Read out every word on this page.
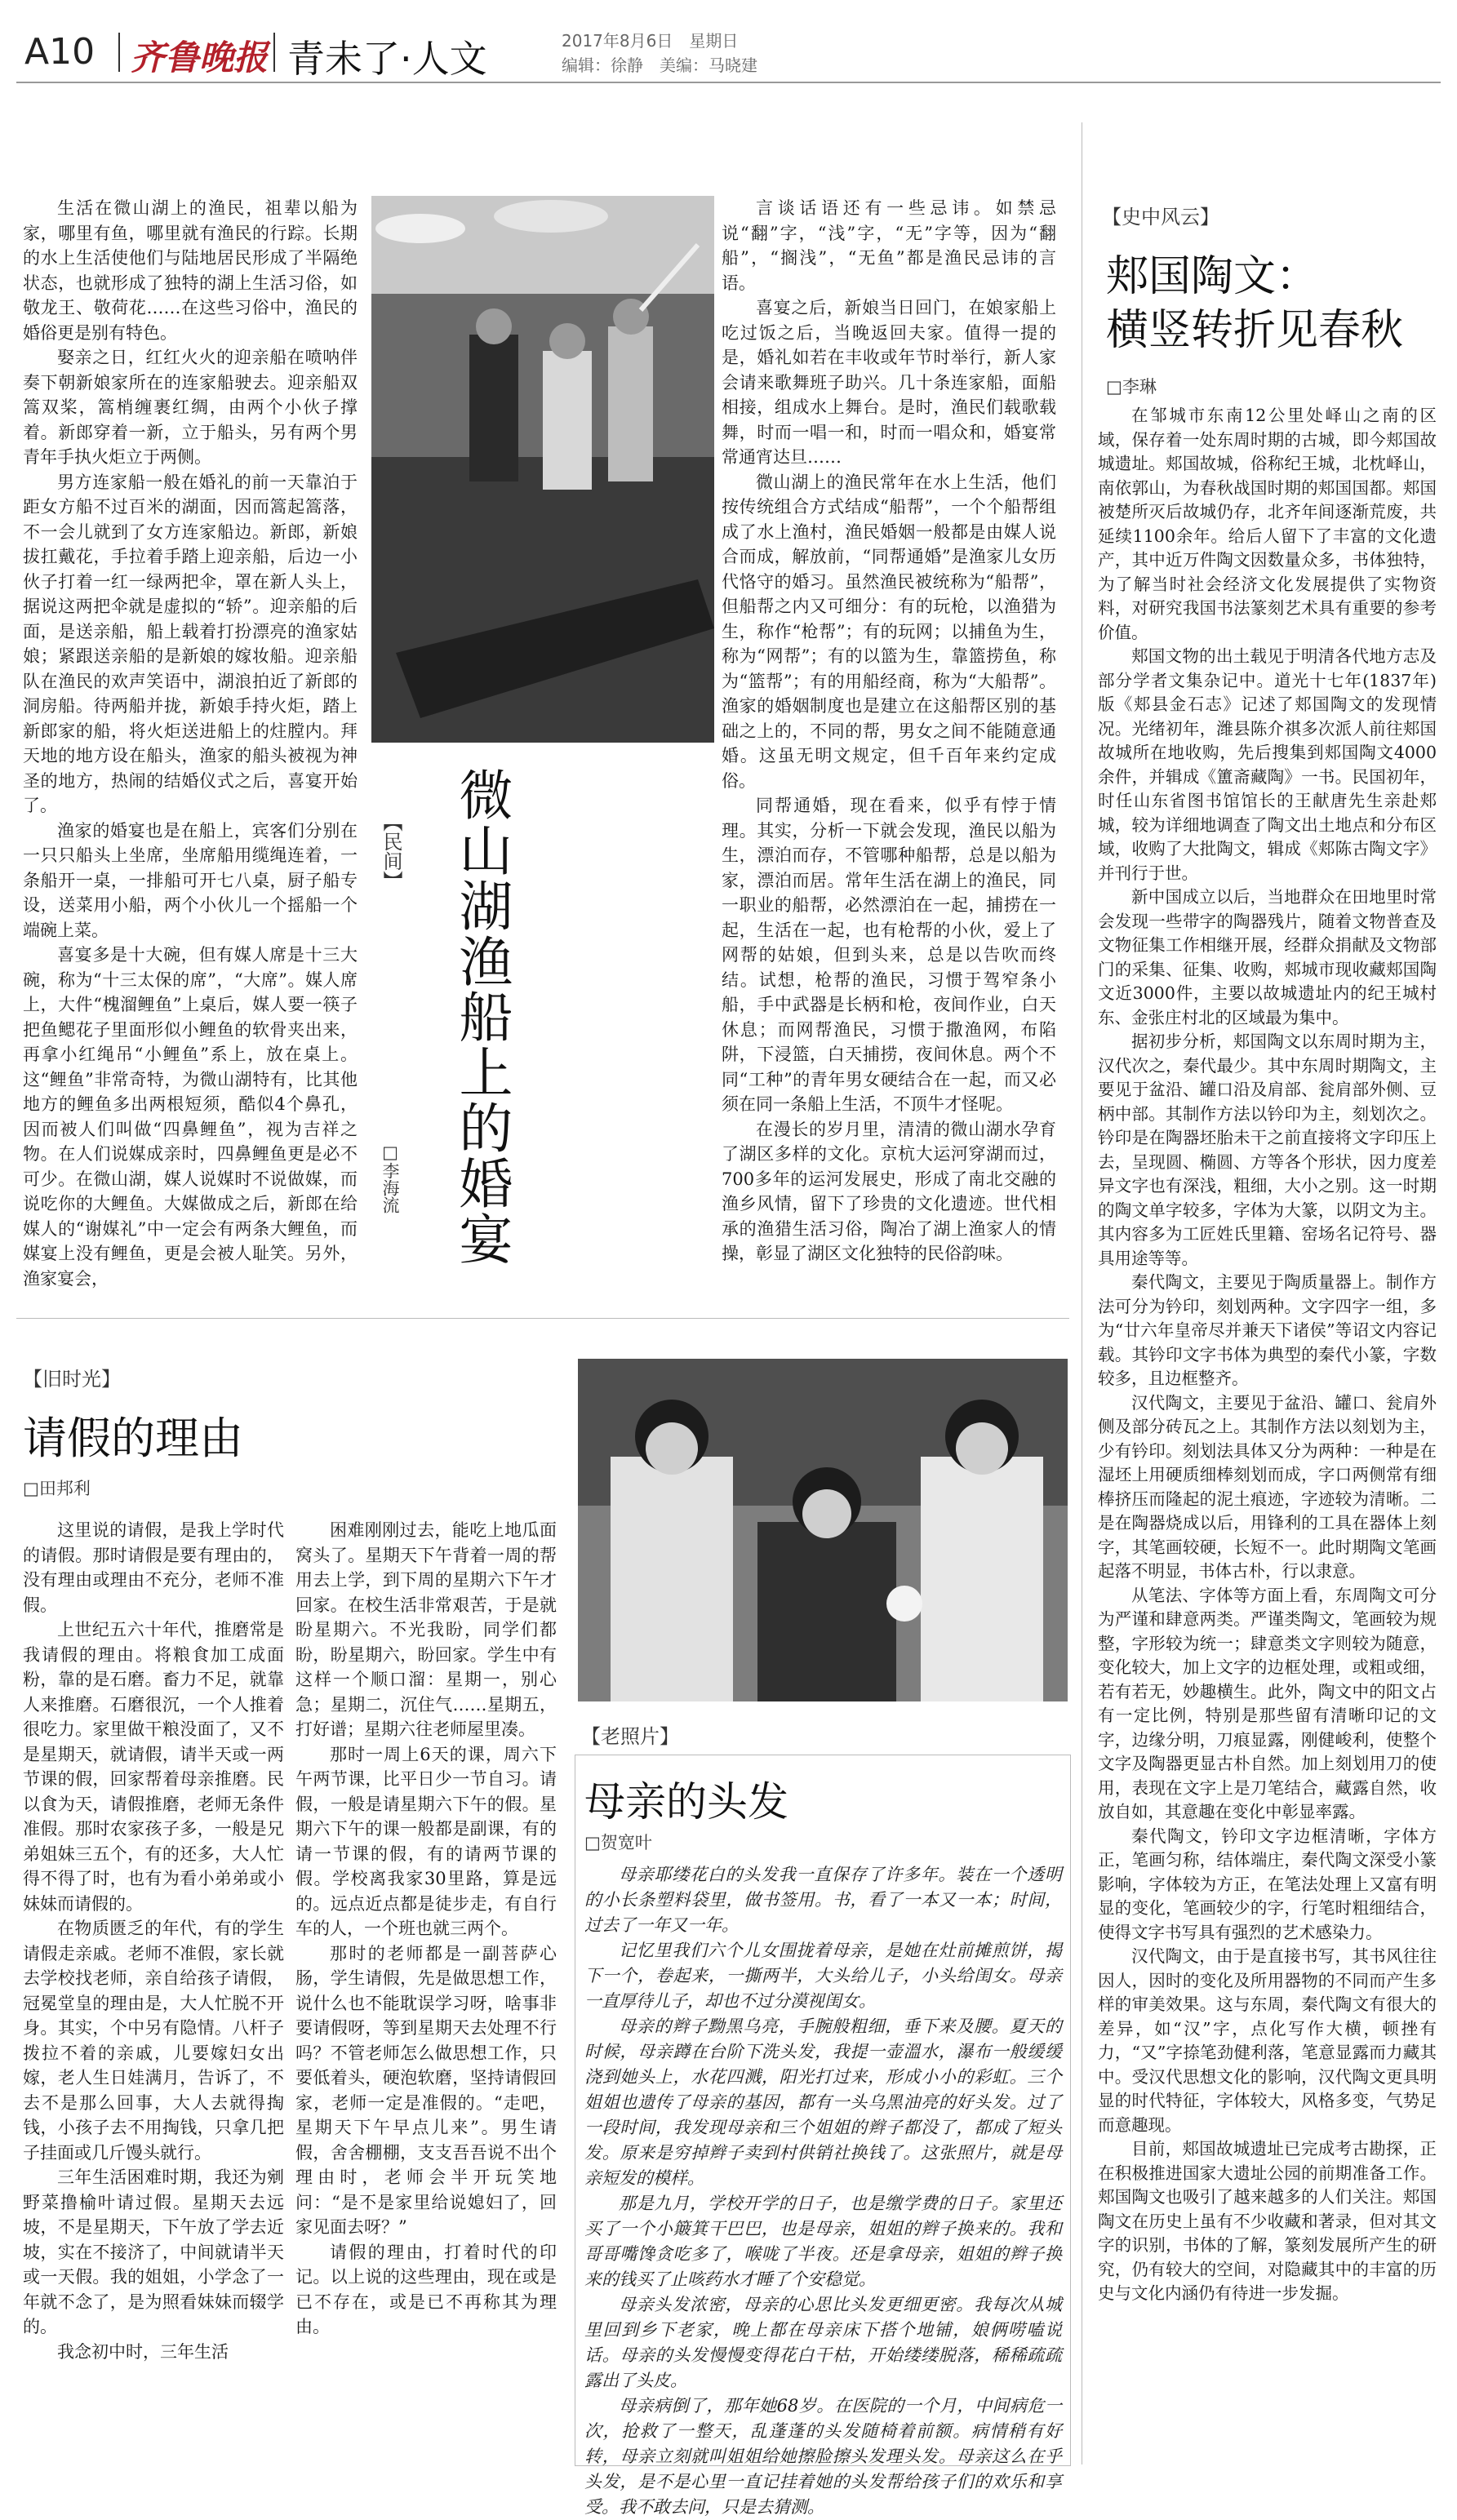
A10 齐鲁晚报 青未了·人文	2017年8月6日　星期日
编辑：徐静　美编：马晓建

生活在微山湖上的渔民，祖辈以船为家，哪里有鱼，哪里就有渔民的行踪。长期的水上生活使他们与陆地居民形成了半隔绝状态，也就形成了独特的湖上生活习俗，如敬龙王、敬荷花……在这些习俗中，渔民的婚俗更是别有特色。

娶亲之日，红红火火的迎亲船在喷呐伴奏下朝新娘家所在的连家船驶去。迎亲船双篙双桨，篙梢缠裹红绸，由两个小伙子撑着。新郎穿着一新，立于船头，另有两个男青年手执火炬立于两侧。

男方连家船一般在婚礼的前一天靠泊于距女方船不过百米的湖面，因而篙起篙落，不一会儿就到了女方连家船边。新郎，新娘拔扛戴花，手拉着手踏上迎亲船，后边一小伙子打着一红一绿两把伞，罩在新人头上，据说这两把伞就是虚拟的“轿”。迎亲船的后面，是送亲船，船上载着打扮漂亮的渔家姑娘；紧跟送亲船的是新娘的嫁妆船。迎亲船队在渔民的欢声笑语中，湖浪拍近了新郎的洞房船。待两船并拢，新娘手持火炬，踏上新郎家的船，将火炬送进船上的炷膛内。拜天地的地方设在船头，渔家的船头被视为神圣的地方，热闹的结婚仪式之后，喜宴开始了。

渔家的婚宴也是在船上，宾客们分别在一只只船头上坐席，坐席船用缆绳连着，一条船开一桌，一排船可开七八桌，厨子船专设，送菜用小船，两个小伙儿一个摇船一个端碗上菜。

喜宴多是十大碗，但有媒人席是十三大碗，称为“十三太保的席”，“大席”。媒人席上，大件“槐溜鲤鱼”上桌后，媒人要一筷子把鱼鳃花子里面形似小鲤鱼的软骨夹出来，再拿小红绳吊“小鲤鱼”系上，放在桌上。这“鲤鱼”非常奇特，为微山湖特有，比其他地方的鲤鱼多出两根短须，酷似4个鼻孔，因而被人们叫做“四鼻鲤鱼”，视为吉祥之物。在人们说媒成亲时，四鼻鲤鱼更是必不可少。在微山湖，媒人说媒时不说做媒，而说吃你的大鲤鱼。大媒做成之后，新郎在给媒人的“谢媒礼”中一定会有两条大鲤鱼，而媒宴上没有鲤鱼，更是会被人耻笑。另外，渔家宴会，

【民间】 微山湖渔船上的婚宴
□李海流

言谈话语还有一些忌讳。如禁忌说“翻”字，“浅”字，“无”字等，因为“翻船”，“搁浅”，“无鱼”都是渔民忌讳的言语。

喜宴之后，新娘当日回门，在娘家船上吃过饭之后，当晚返回夫家。值得一提的是，婚礼如若在丰收或年节时举行，新人家会请来歌舞班子助兴。几十条连家船，面船相接，组成水上舞台。是时，渔民们载歌载舞，时而一唱一和，时而一唱众和，婚宴常常通宵达旦……

微山湖上的渔民常年在水上生活，他们按传统组合方式结成“船帮”，一个个船帮组成了水上渔村，渔民婚姻一般都是由媒人说合而成，解放前，“同帮通婚”是渔家儿女历代恪守的婚习。虽然渔民被统称为“船帮”，但船帮之内又可细分：有的玩枪，以渔猎为生，称作“枪帮”；有的玩网；以捕鱼为生，称为“网帮”；有的以篮为生，靠篮捞鱼，称为“篮帮”；有的用船经商，称为“大船帮”。渔家的婚姻制度也是建立在这船帮区别的基础之上的，不同的帮，男女之间不能随意通婚。这虽无明文规定，但千百年来约定成俗。

同帮通婚，现在看来，似乎有悖于情理。其实，分析一下就会发现，渔民以船为生，漂泊而存，不管哪种船帮，总是以船为家，漂泊而居。常年生活在湖上的渔民，同一职业的船帮，必然漂泊在一起，捕捞在一起，生活在一起，也有枪帮的小伙，爱上了网帮的姑娘，但到头来，总是以告吹而终结。试想，枪帮的渔民，习惯于驾窄条小船，手中武器是长柄和枪，夜间作业，白天休息；而网帮渔民，习惯于撒渔网，布陷阱，下浸篮，白天捕捞，夜间休息。两个不同“工种”的青年男女硬结合在一起，而又必须在同一条船上生活，不顶牛才怪呢。

在漫长的岁月里，清清的微山湖水孕育了湖区多样的文化。京杭大运河穿湖而过，700多年的运河发展史，形成了南北交融的渔乡风情，留下了珍贵的文化遗迹。世代相承的渔猎生活习俗，陶冶了湖上渔家人的情操，彰显了湖区文化独特的民俗韵味。

【史中风云】
郏国陶文：
横竖转折见春秋
□李琳

在邹城市东南12公里处峄山之南的区域，保存着一处东周时期的古城，即今郏国故城遗址。郏国故城，俗称纪王城，北枕峄山，南依郭山，为春秋战国时期的郏国国都。郏国被楚所灭后故城仍存，北齐年间逐渐荒废，共延续1100余年。给后人留下了丰富的文化遗产，其中近万件陶文因数量众多，书体独特，为了解当时社会经济文化发展提供了实物资料，对研究我国书法篆刻艺术具有重要的参考价值。

郏国文物的出土载见于明清各代地方志及部分学者文集杂记中。道光十七年(1837年)版《郏县金石志》记述了郏国陶文的发现情况。光绪初年，潍县陈介祺多次派人前往郏国故城所在地收购，先后搜集到郏国陶文4000余件，并辑成《簠斋藏陶》一书。民国初年，时任山东省图书馆馆长的王献唐先生亲赴郏城，较为详细地调查了陶文出土地点和分布区域，收购了大批陶文，辑成《郏陈古陶文字》并刊行于世。

新中国成立以后，当地群众在田地里时常会发现一些带字的陶器残片，随着文物普查及文物征集工作相继开展，经群众捐献及文物部门的采集、征集、收购，郏城市现收藏郏国陶文近3000件，主要以故城遗址内的纪王城村东、金张庄村北的区域最为集中。

据初步分析，郏国陶文以东周时期为主，汉代次之，秦代最少。其中东周时期陶文，主要见于盆沿、罐口沿及肩部、瓮肩部外侧、豆柄中部。其制作方法以钤印为主，刻划次之。钤印是在陶器坯胎未干之前直接将文字印压上去，呈现圆、椭圆、方等各个形状，因力度差异文字也有深浅，粗细，大小之别。这一时期的陶文单字较多，字体为大篆，以阴文为主。其内容多为工匠姓氏里籍、窑场名记符号、器具用途等等。

秦代陶文，主要见于陶质量器上。制作方法可分为钤印，刻划两种。文字四字一组，多为“廿六年皇帝尽并兼天下诸侯”等诏文内容记载。其钤印文字书体为典型的秦代小篆，字数较多，且边框整齐。

汉代陶文，主要见于盆沿、罐口、瓮肩外侧及部分砖瓦之上。其制作方法以刻划为主，少有钤印。刻划法具体又分为两种：一种是在湿坯上用硬质细棒刻划而成，字口两侧常有细棒挤压而隆起的泥土痕迹，字迹较为清晰。二是在陶器烧成以后，用锋利的工具在器体上刻字，其笔画较硬，长短不一。此时期陶文笔画起落不明显，书体古朴，行以隶意。

从笔法、字体等方面上看，东周陶文可分为严谨和肆意两类。严谨类陶文，笔画较为规整，字形较为统一；肆意类文字则较为随意，变化较大，加上文字的边框处理，或粗或细，若有若无，妙趣横生。此外，陶文中的阳文占有一定比例，特别是那些留有清晰印记的文字，边缘分明，刀痕显露，刚健峻利，使整个文字及陶器更显古朴自然。加上刻划用刀的使用，表现在文字上是刀笔结合，藏露自然，收放自如，其意趣在变化中彰显率露。

秦代陶文，钤印文字边框清晰，字体方正，笔画匀称，结体端庄，秦代陶文深受小篆影响，字体较为方正，在笔法处理上又富有明显的变化，笔画较少的字，行笔时粗细结合，使得文字书写具有强烈的艺术感染力。

汉代陶文，由于是直接书写，其书风往往因人，因时的变化及所用器物的不同而产生多样的审美效果。这与东周，秦代陶文有很大的差异，如“汉”字，点化写作大横，顿挫有力，“又”字捺笔劲健利落，笔意显露而力藏其中。受汉代思想文化的影响，汉代陶文更具明显的时代特征，字体较大，风格多变，气势足而意趣现。

目前，郏国故城遗址已完成考古勘探，正在积极推进国家大遗址公园的前期准备工作。郏国陶文也吸引了越来越多的人们关注。郏国陶文在历史上虽有不少收藏和著录，但对其文字的识别，书体的了解，篆刻发展所产生的研究，仍有较大的空间，对隐藏其中的丰富的历史与文化内涵仍有待进一步发掘。

【旧时光】
请假的理由
□田邦利

这里说的请假，是我上学时代的请假。那时请假是要有理由的，没有理由或理由不充分，老师不准假。

上世纪五六十年代，推磨常是我请假的理由。将粮食加工成面粉，靠的是石磨。畜力不足，就靠人来推磨。石磨很沉，一个人推着很吃力。家里做干粮没面了，又不是星期天，就请假，请半天或一两节课的假，回家帮着母亲推磨。民以食为天，请假推磨，老师无条件准假。那时农家孩子多，一般是兄弟姐妹三五个，有的还多，大人忙得不得了时，也有为看小弟弟或小妹妹而请假的。

在物质匮乏的年代，有的学生请假走亲戚。老师不准假，家长就去学校找老师，亲自给孩子请假，冠冕堂皇的理由是，大人忙脱不开身。其实，个中另有隐情。八杆子拨拉不着的亲戚，儿要嫁妇女出嫁，老人生日娃满月，告诉了，不去不是那么回事，大人去就得掏钱，小孩子去不用掏钱，只拿几把子挂面或几斤馒头就行。

三年生活困难时期，我还为剜野菜撸榆叶请过假。星期天去远坡，不是星期天，下午放了学去近坡，实在不接济了，中间就请半天或一天假。我的姐姐，小学念了一年就不念了，是为照看妹妹而辍学的。

我念初中时，三年生活

困难刚刚过去，能吃上地瓜面窝头了。星期天下午背着一周的帮用去上学，到下周的星期六下午才回家。在校生活非常艰苦，于是就盼星期六。不光我盼，同学们都盼，盼星期六，盼回家。学生中有这样一个顺口溜：星期一，别心急；星期二，沉住气……星期五，打好谱；星期六往老师屋里凑。

那时一周上6天的课，周六下午两节课，比平日少一节自习。请假，一般是请星期六下午的假。星期六下午的课一般都是副课，有的请一节课的假，有的请两节课的假。学校离我家30里路，算是远的。远点近点都是徒步走，有自行车的人，一个班也就三两个。

那时的老师都是一副菩萨心肠，学生请假，先是做思想工作，说什么也不能耽误学习呀，啥事非要请假呀，等到星期天去处理不行吗？不管老师怎么做思想工作，只要低着头，硬泡软磨，坚持请假回家，老师一定是准假的。“走吧，星期天下午早点儿来”。男生请假，舍舍棚棚，支支吾吾说不出个理由时，老师会半开玩笑地问：“是不是家里给说媳妇了，回家见面去呀？”

请假的理由，打着时代的印记。以上说的这些理由，现在或是已不存在，或是已不再称其为理由。

【老照片】
母亲的头发
□贺宽叶

母亲耶缕花白的头发我一直保存了许多年。装在一个透明的小长条塑料袋里，做书签用。书，看了一本又一本；时间，过去了一年又一年。

记忆里我们六个儿女围拢着母亲，是她在灶前摊煎饼，揭下一个，卷起来，一撕两半，大头给儿子，小头给闺女。母亲一直厚待儿子，却也不过分漠视闺女。

母亲的辫子黝黑乌亮，手腕般粗细，垂下来及腰。夏天的时候，母亲蹲在台阶下洗头发，我提一壶溫水，瀑布一般缓缓浇到她头上，水花四溅，阳光打过来，形成小小的彩虹。三个姐姐也遗传了母亲的基因，都有一头乌黑油亮的好头发。过了一段时间，我发现母亲和三个姐姐的辫子都没了，都成了短头发。原来是穷掉辫子卖到村供销社换钱了。这张照片，就是母亲短发的模样。

那是九月，学校开学的日子，也是缴学费的日子。家里还买了一个小簸箕干巴巴，也是母亲，姐姐的辫子换来的。我和哥哥嘴馋贪吃多了，喉咙了半夜。还是拿母亲，姐姐的辫子换来的钱买了止咳药水才睡了个安稳觉。

母亲头发浓密，母亲的心思比头发更细更密。我每次从城里回到乡下老家，晚上都在母亲床下搭个地铺，娘俩唠嗑说话。母亲的头发慢慢变得花白干枯，开始缕缕脱落，稀稀疏疏露出了头皮。

母亲病倒了，那年她68岁。在医院的一个月，中间病危一次，抢救了一整天，乱蓬蓬的头发随椅着前额。病情稍有好转，母亲立刻就叫姐姐给她擦脸擦头发理头发。母亲这么在乎头发，是不是心里一直记挂着她的头发帮给孩子们的欢乐和享受。我不敢去问，只是去猜测。
